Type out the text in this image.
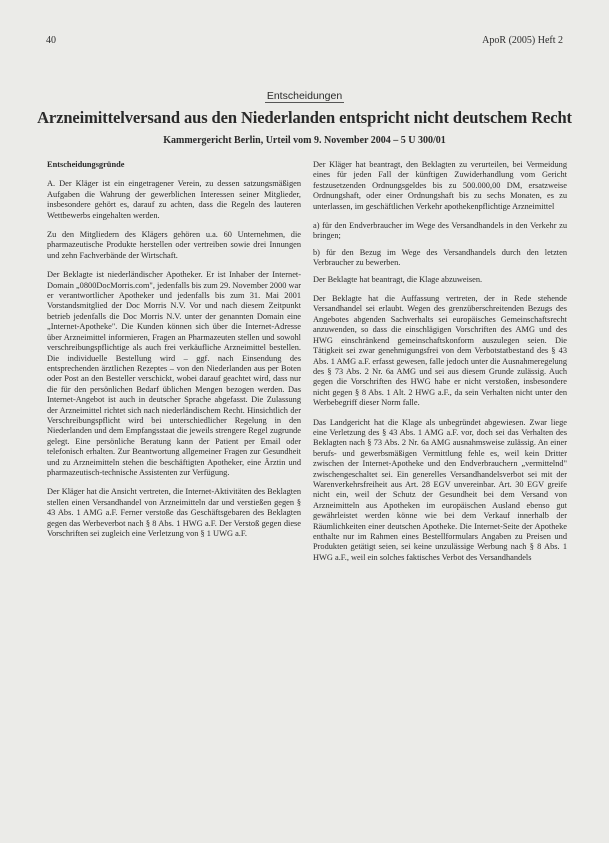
40	ApoR (2005) Heft 2
Entscheidungen
Arzneimittelversand aus den Niederlanden entspricht nicht deutschem Recht
Kammergericht Berlin, Urteil vom 9. November 2004 – 5 U 300/01
Entscheidungsgründe

A. Der Kläger ist ein eingetragener Verein, zu dessen satzungsmäßigen Aufgaben die Wahrung der gewerblichen Interessen seiner Mitglieder, insbesondere gehört es, darauf zu achten, dass die Regeln des lauteren Wettbewerbs eingehalten werden.

Zu den Mitgliedern des Klägers gehören u.a. 60 Unternehmen, die pharmazeutische Produkte herstellen oder vertreiben sowie drei Innungen und zehn Fachverbände der Wirtschaft.

Der Beklagte ist niederländischer Apotheker. Er ist Inhaber der Internet-Domain „0800DocMorris.com", jedenfalls bis zum 29. November 2000 war er verantwortlicher Apotheker und jedenfalls bis zum 31. Mai 2001 Vorstandsmitglied der Doc Morris N.V. Vor und nach diesem Zeitpunkt betrieb jedenfalls die Doc Morris N.V. unter der genannten Domain eine „Internet-Apotheke". Die Kunden können sich über die Internet-Adresse über Arzneimittel informieren, Fragen an Pharmazeuten stellen und sowohl verschreibungspflichtige als auch frei verkäufliche Arzneimittel bestellen. Die individuelle Bestellung wird – ggf. nach Einsendung des entsprechenden ärztlichen Rezeptes – von den Niederlanden aus per Boten oder Post an den Besteller verschickt, wobei darauf geachtet wird, dass nur die für den persönlichen Bedarf üblichen Mengen bezogen werden. Das Internet-Angebot ist auch in deutscher Sprache abgefasst. Die Zulassung der Arzneimittel richtet sich nach niederländischem Recht. Hinsichtlich der Verschreibungspflicht wird bei unterschiedlicher Regelung in den Niederlanden und dem Empfangsstaat die jeweils strengere Regel zugrunde gelegt. Eine persönliche Beratung kann der Patient per Email oder telefonisch erhalten. Zur Beantwortung allgemeiner Fragen zur Gesundheit und zu Arzneimitteln stehen die beschäftigten Apotheker, eine Ärztin und pharmazeutisch-technische Assistenten zur Verfügung.

Der Kläger hat die Ansicht vertreten, die Internet-Aktivitäten des Beklagten stellen einen Versandhandel von Arzneimitteln dar und verstießen gegen § 43 Abs. 1 AMG a.F. Ferner verstoße das Geschäftsgebaren des Beklagten gegen das Werbeverbot nach § 8 Abs. 1 HWG a.F. Der Verstoß gegen diese Vorschriften sei zugleich eine Verletzung von § 1 UWG a.F.

Der Kläger hat beantragt, den Beklagten zu verurteilen, bei Vermeidung eines für jeden Fall der künftigen Zuwiderhandlung vom Gericht festzusetzenden Ordnungsgeldes bis zu 500.000,00 DM, ersatzweise Ordnungshaft, oder einer Ordnungshaft bis zu sechs Monaten, es zu unterlassen, im geschäftlichen Verkehr apothekenpflichtige Arzneimittel

a) für den Endverbraucher im Wege des Versandhandels in den Verkehr zu bringen;

b) für den Bezug im Wege des Versandhandels durch den letzten Verbraucher zu bewerben.

Der Beklagte hat beantragt, die Klage abzuweisen.

Der Beklagte hat die Auffassung vertreten, der in Rede stehende Versandhandel sei erlaubt. Wegen des grenzüberschreitenden Bezugs des Angebotes abgenden Sachverhalts sei europäisches Gemeinschaftsrecht anzuwenden, so dass die einschlägigen Vorschriften des AMG und des HWG einschränkend gemeinschaftskonform auszulegen seien. Die Tätigkeit sei zwar genehmigungsfrei von dem Verbotstatbestand des § 43 Abs. 1 AMG a.F. erfasst gewesen, falle jedoch unter die Ausnahmeregelung des § 73 Abs. 2 Nr. 6a AMG und sei aus diesem Grunde zulässig. Auch gegen die Vorschriften des HWG habe er nicht verstoßen, insbesondere nicht gegen § 8 Abs. 1 Alt. 2 HWG a.F., da sein Verhalten nicht unter den Werbebegriff dieser Norm falle.

Das Landgericht hat die Klage als unbegründet abgewiesen. Zwar liege eine Verletzung des § 43 Abs. 1 AMG a.F. vor, doch sei das Verhalten des Beklagten nach § 73 Abs. 2 Nr. 6a AMG ausnahmsweise zulässig. An einer berufs- und gewerbsmäßigen Vermittlung fehle es, weil kein Dritter zwischen der Internet-Apotheke und den Endverbrauchern „vermittelnd" zwischengeschaltet sei. Ein generelles Versandhandelsverbot sei mit der Warenverkehrsfreiheit aus Art. 28 EGV unvereinbar. Art. 30 EGV greife nicht ein, weil der Schutz der Gesundheit bei dem Versand von Arzneimitteln aus Apotheken im europäischen Ausland ebenso gut gewährleistet werden könne wie bei dem Verkauf innerhalb der Räumlichkeiten einer deutschen Apotheke. Die Internet-Seite der Apotheke enthalte nur im Rahmen eines Bestellformulars Angaben zu Preisen und Produkten getätigt seien, sei keine unzulässige Werbung nach § 8 Abs. 1 HWG a.F., weil ein solches faktisches Verbot des Versandhandels
